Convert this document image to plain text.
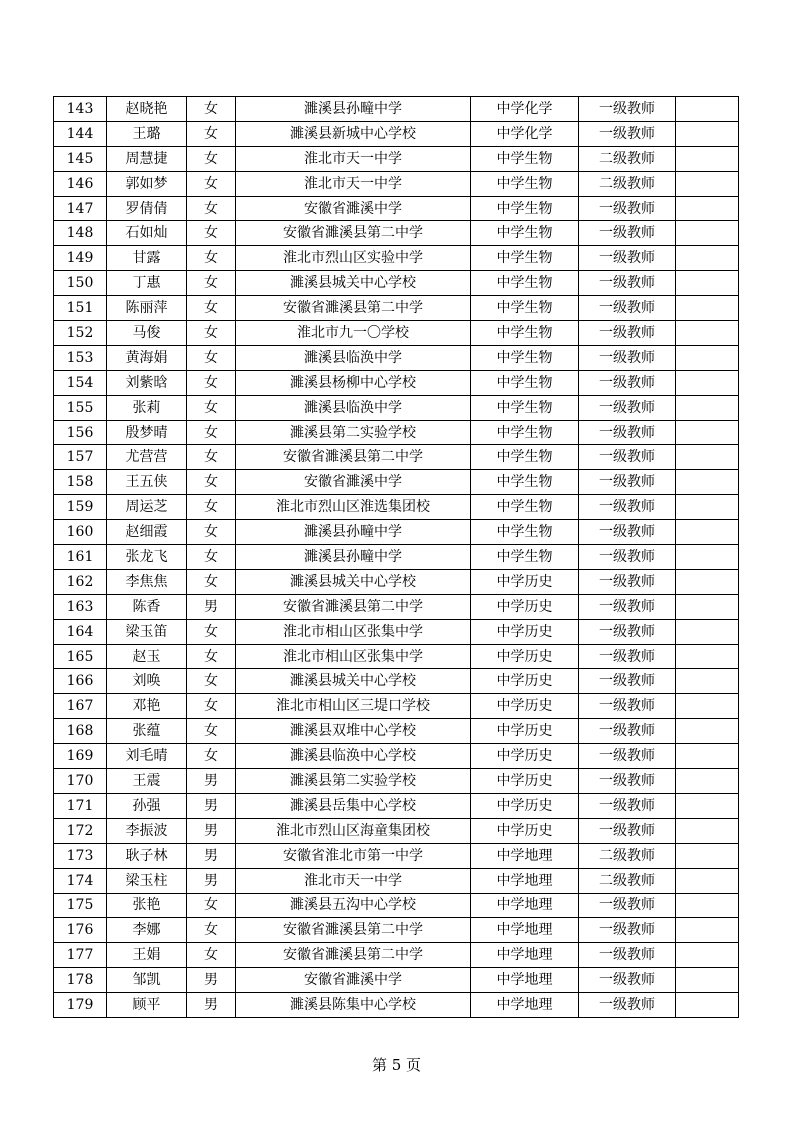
143	赵晓艳	女	濉溪县孙疃中学	中学化学	一级教师	
144	王璐	女	濉溪县新城中心学校	中学化学	一级教师	
145	周慧捷	女	淮北市天一中学	中学生物	二级教师	
146	郭如梦	女	淮北市天一中学	中学生物	二级教师	
147	罗倩倩	女	安徽省濉溪中学	中学生物	一级教师	
148	石如灿	女	安徽省濉溪县第二中学	中学生物	一级教师	
149	甘露	女	淮北市烈山区实验中学	中学生物	一级教师	
150	丁惠	女	濉溪县城关中心学校	中学生物	一级教师	
151	陈丽萍	女	安徽省濉溪县第二中学	中学生物	一级教师	
152	马俊	女	淮北市九一〇学校	中学生物	一级教师	
153	黄海娟	女	濉溪县临涣中学	中学生物	一级教师	
154	刘紫晗	女	濉溪县杨柳中心学校	中学生物	一级教师	
155	张莉	女	濉溪县临涣中学	中学生物	一级教师	
156	殷梦晴	女	濉溪县第二实验学校	中学生物	一级教师	
157	尤营营	女	安徽省濉溪县第二中学	中学生物	一级教师	
158	王五侠	女	安徽省濉溪中学	中学生物	一级教师	
159	周运芝	女	淮北市烈山区淮选集团校	中学生物	一级教师	
160	赵细霞	女	濉溪县孙疃中学	中学生物	一级教师	
161	张龙飞	女	濉溪县孙疃中学	中学生物	一级教师	
162	李焦焦	女	濉溪县城关中心学校	中学历史	一级教师	
163	陈香	男	安徽省濉溪县第二中学	中学历史	一级教师	
164	梁玉笛	女	淮北市相山区张集中学	中学历史	一级教师	
165	赵玉	女	淮北市相山区张集中学	中学历史	一级教师	
166	刘唤	女	濉溪县城关中心学校	中学历史	一级教师	
167	邓艳	女	淮北市相山区三堤口学校	中学历史	一级教师	
168	张蕴	女	濉溪县双堆中心学校	中学历史	一级教师	
169	刘毛晴	女	濉溪县临涣中心学校	中学历史	一级教师	
170	王震	男	濉溪县第二实验学校	中学历史	一级教师	
171	孙强	男	濉溪县岳集中心学校	中学历史	一级教师	
172	李振波	男	淮北市烈山区海童集团校	中学历史	一级教师	
173	耿子林	男	安徽省淮北市第一中学	中学地理	二级教师	
174	梁玉柱	男	淮北市天一中学	中学地理	二级教师	
175	张艳	女	濉溪县五沟中心学校	中学地理	一级教师	
176	李娜	女	安徽省濉溪县第二中学	中学地理	一级教师	
177	王娟	女	安徽省濉溪县第二中学	中学地理	一级教师	
178	邹凯	男	安徽省濉溪中学	中学地理	一级教师	
179	顾平	男	濉溪县陈集中心学校	中学地理	一级教师	
第 5 页
